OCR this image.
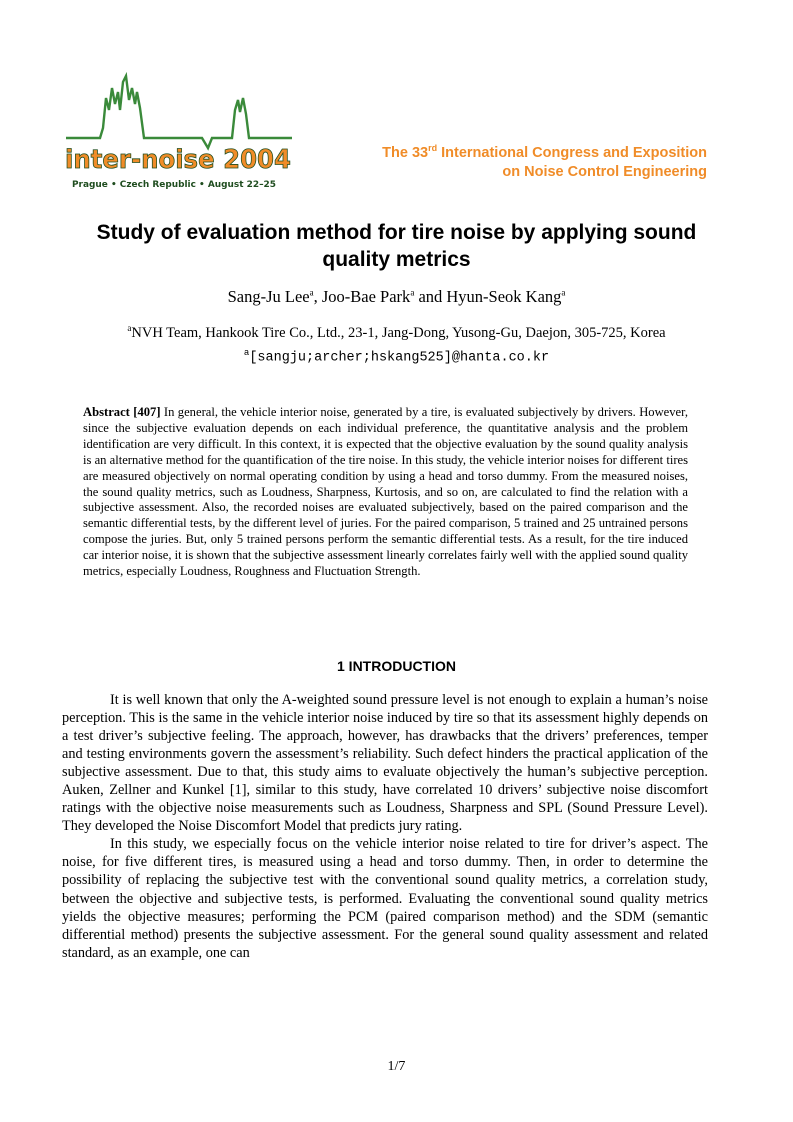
inter-noise 2004
Prague • Czech Republic • August 22–25
The 33rd International Congress and Exposition
on Noise Control Engineering
Study of evaluation method for tire noise by applying sound quality metrics
Sang-Ju Lee$^a$, Joo-Bae Park$^a$ and Hyun-Seok Kang$^a$
$^a$NVH Team, Hankook Tire Co., Ltd., 23-1, Jang-Dong, Yusong-Gu, Daejon, 305-725, Korea
$^a$[sangju;archer;hskang525]@hanta.co.kr

Abstract [407] In general, the vehicle interior noise, generated by a tire, is evaluated subjectively by drivers. However, since the subjective evaluation depends on each individual preference, the quantitative analysis and the problem identification are very difficult. In this context, it is expected that the objective evaluation by the sound quality analysis is an alternative method for the quantification of the tire noise. In this study, the vehicle interior noises for different tires are measured objectively on normal operating condition by using a head and torso dummy. From the measured noises, the sound quality metrics, such as Loudness, Sharpness, Kurtosis, and so on, are calculated to find the relation with a subjective assessment. Also, the recorded noises are evaluated subjectively, based on the paired comparison and the semantic differential tests, by the different level of juries. For the paired comparison, 5 trained and 25 untrained persons compose the juries. But, only 5 trained persons perform the semantic differential tests. As a result, for the tire induced car interior noise, it is shown that the subjective assessment linearly correlates fairly well with the applied sound quality metrics, especially Loudness, Roughness and Fluctuation Strength.

1 INTRODUCTION

It is well known that only the A-weighted sound pressure level is not enough to explain a human’s noise perception. This is the same in the vehicle interior noise induced by tire so that its assessment highly depends on a test driver’s subjective feeling. The approach, however, has drawbacks that the drivers’ preferences, temper and testing environments govern the assessment’s reliability. Such defect hinders the practical application of the subjective assessment. Due to that, this study aims to evaluate objectively the human’s subjective perception. Auken, Zellner and Kunkel [1], similar to this study, have correlated 10 drivers’ subjective noise discomfort ratings with the objective noise measurements such as Loudness, Sharpness and SPL (Sound Pressure Level). They developed the Noise Discomfort Model that predicts jury rating.

In this study, we especially focus on the vehicle interior noise related to tire for driver’s aspect. The noise, for five different tires, is measured using a head and torso dummy. Then, in order to determine the possibility of replacing the subjective test with the conventional sound quality metrics, a correlation study, between the objective and subjective tests, is performed. Evaluating the conventional sound quality metrics yields the objective measures; performing the PCM (paired comparison method) and the SDM (semantic differential method) presents the subjective assessment. For the general sound quality assessment and related standard, as an example, one can

1/7
